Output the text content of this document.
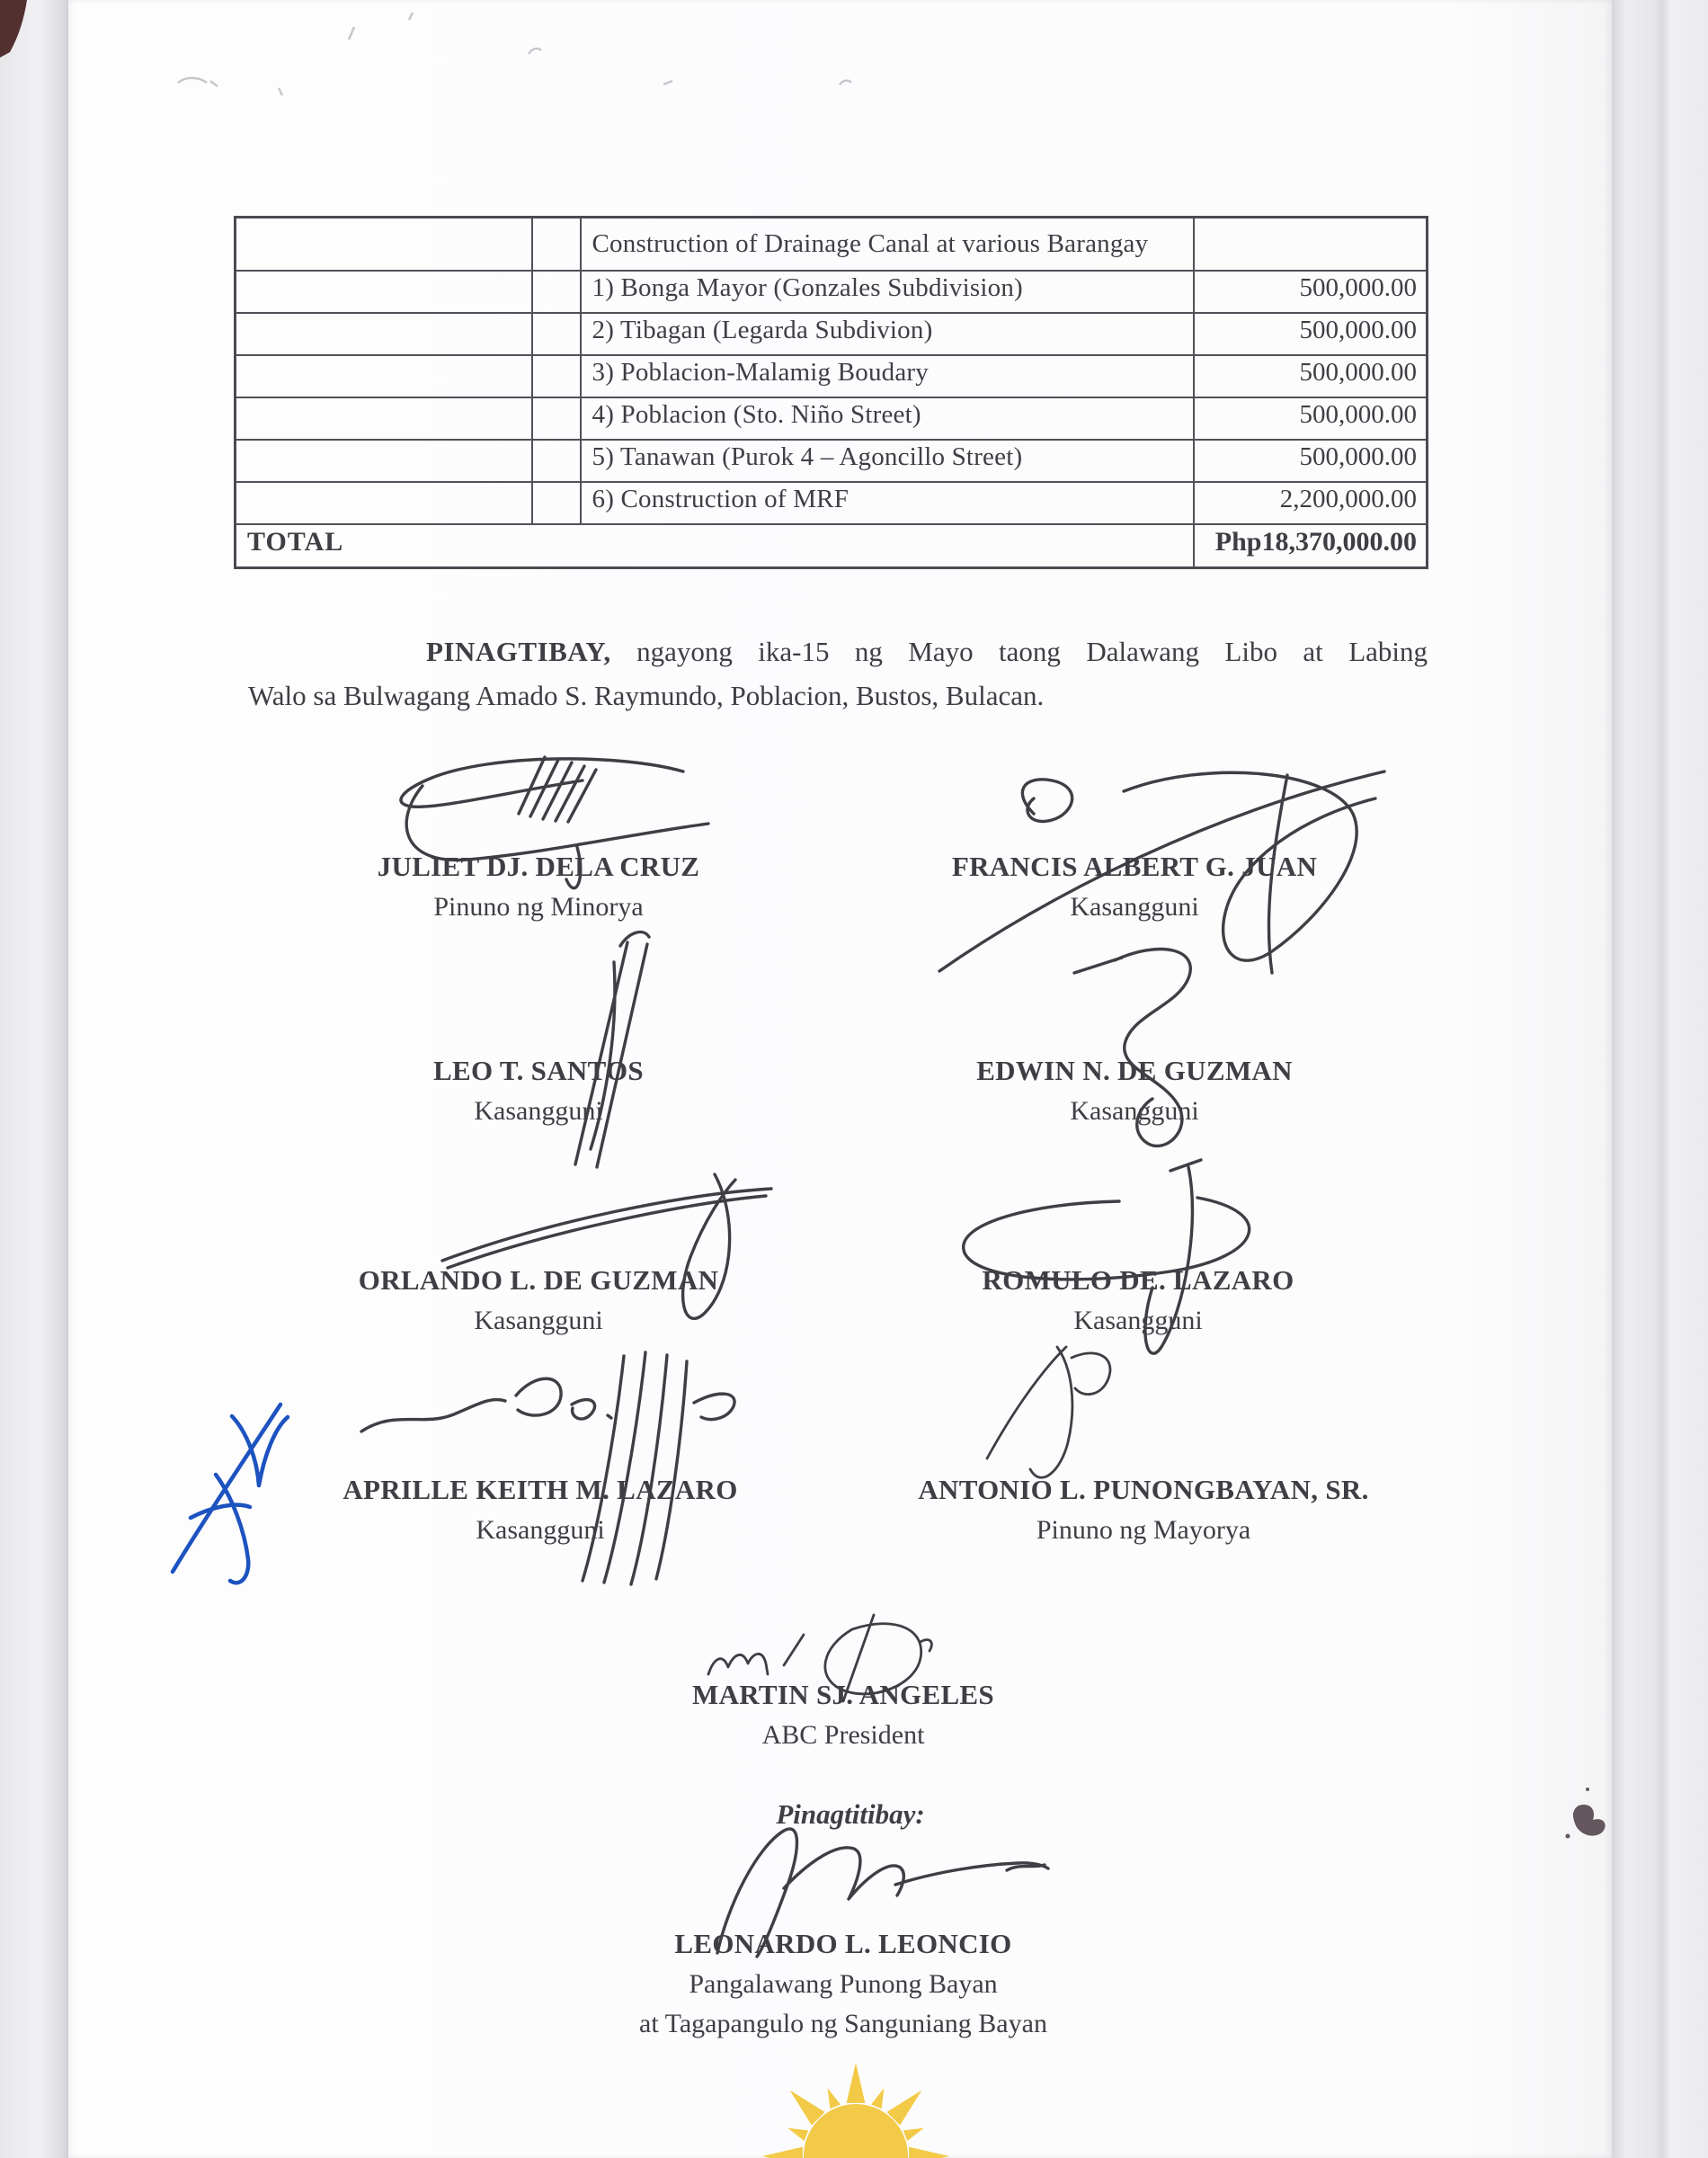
		Construction of Drainage Canal at various Barangay	
		1) Bonga Mayor (Gonzales Subdivision)	500,000.00
		2) Tibagan (Legarda Subdivion)	500,000.00
		3) Poblacion-Malamig Boudary	500,000.00
		4) Poblacion (Sto. Niño Street)	500,000.00
		5) Tanawan (Purok 4 – Agoncillo Street)	500,000.00
		6) Construction of MRF	2,200,000.00
TOTAL			Php18,370,000.00
PINAGTIBAY, ngayong ika-15 ng Mayo taong Dalawang Libo at Labing
Walo sa Bulwagang Amado S. Raymundo, Poblacion, Bustos, Bulacan.
JULIET DJ. DELA CRUZ
Pinuno ng Minorya
FRANCIS ALBERT G. JUAN
Kasangguni
LEO T. SANTOS
Kasangguni
EDWIN N. DE GUZMAN
Kasangguni
ORLANDO L. DE GUZMAN
Kasangguni
ROMULO DE. LAZARO
Kasangguni
APRILLE KEITH M. LAZARO
Kasangguni
ANTONIO L. PUNONGBAYAN, SR.
Pinuno ng Mayorya
MARTIN SJ. ANGELES
ABC President
Pinagtitibay:
LEONARDO L. LEONCIO
Pangalawang Punong Bayan
at Tagapangulo ng Sanguniang Bayan
